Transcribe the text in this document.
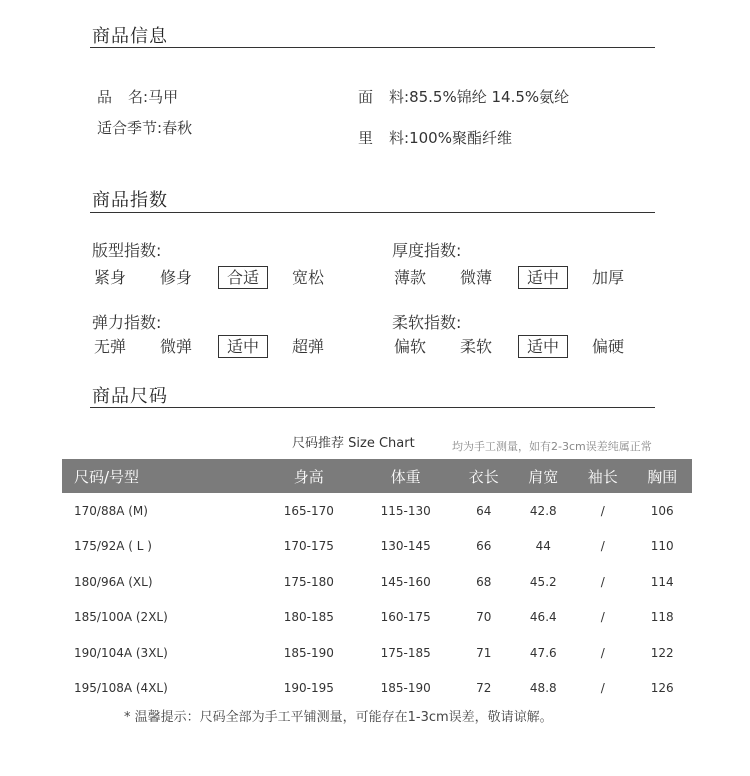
商品信息
品 名 :马甲
适合季节:春秋
面 料 :85.5%锦纶 14.5%氨纶
里 料 :100%聚酯纤维
商品指数
版型指数:
紧身	修身	合适	宽松
厚度指数:
薄款	微薄	适中	加厚
弹力指数:
无弹	微弹	适中	超弹
柔软指数:
偏软	柔软	适中	偏硬
商品尺码
尺码推荐 Size Chart	均为手工测量，如有2-3cm误差纯属正常
尺码/号型	身高	体重	衣长	肩宽	袖长	胸围
170/88A (M)	165-170	115-130	64	42.8	/	106
175/92A ( L )	170-175	130-145	66	44	/	110
180/96A (XL)	175-180	145-160	68	45.2	/	114
185/100A (2XL)	180-185	160-175	70	46.4	/	118
190/104A (3XL)	185-190	175-185	71	47.6	/	122
195/108A (4XL)	190-195	185-190	72	48.8	/	126
* 温馨提示：尺码全部为手工平铺测量，可能存在1-3cm误差，敬请谅解。
